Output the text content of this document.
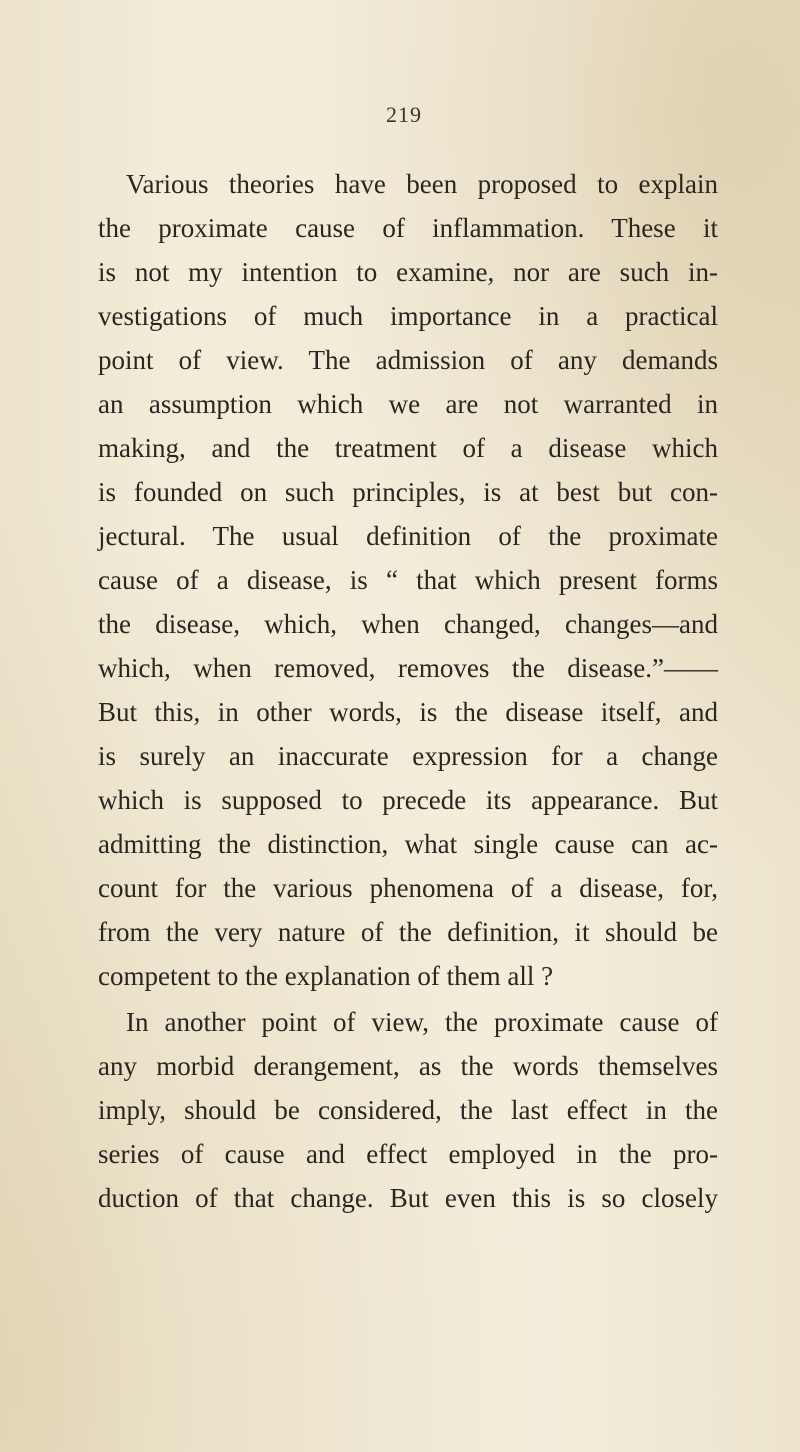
219
Various theories have been proposed to explain
the proximate cause of inflammation. These it
is not my intention to examine, nor are such in-
vestigations of much importance in a practical
point of view. The admission of any demands
an assumption which we are not warranted in
making, and the treatment of a disease which
is founded on such principles, is at best but con-
jectural. The usual definition of the proximate
cause of a disease, is “ that which present forms
the disease, which, when changed, changes—and
which, when removed, removes the disease.”——
But this, in other words, is the disease itself, and
is surely an inaccurate expression for a change
which is supposed to precede its appearance. But
admitting the distinction, what single cause can ac-
count for the various phenomena of a disease, for,
from the very nature of the definition, it should be
competent to the explanation of them all ?
In another point of view, the proximate cause of
any morbid derangement, as the words themselves
imply, should be considered, the last effect in the
series of cause and effect employed in the pro-
duction of that change. But even this is so closely
